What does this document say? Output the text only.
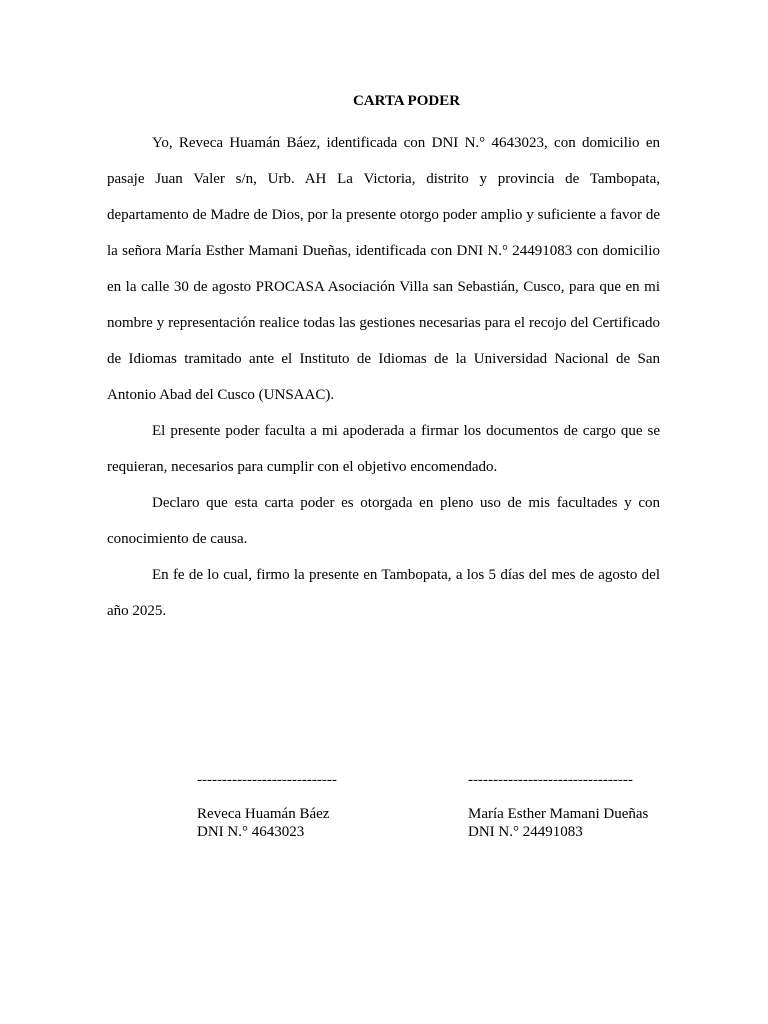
CARTA PODER

Yo, Reveca Huamán Báez, identificada con DNI N.° 4643023, con domicilio en pasaje Juan Valer s/n, Urb. AH La Victoria, distrito y provincia de Tambopata, departamento de Madre de Dios, por la presente otorgo poder amplio y suficiente a favor de la señora María Esther Mamani Dueñas, identificada con DNI N.° 24491083 con domicilio en la calle 30 de agosto PROCASA Asociación Villa san Sebastián, Cusco, para que en mi nombre y representación realice todas las gestiones necesarias para el recojo del Certificado de Idiomas tramitado ante el Instituto de Idiomas de la Universidad Nacional de San Antonio Abad del Cusco (UNSAAC).

El presente poder faculta a mi apoderada a firmar los documentos de cargo que se requieran, necesarios para cumplir con el objetivo encomendado.

Declaro que esta carta poder es otorgada en pleno uso de mis facultades y con conocimiento de causa.

En fe de lo cual, firmo la presente en Tambopata, a los 5 días del mes de agosto del año 2025.

----------------------------
Reveca Huamán Báez
DNI N.° 4643023
---------------------------------
María Esther Mamani Dueñas
DNI N.° 24491083
